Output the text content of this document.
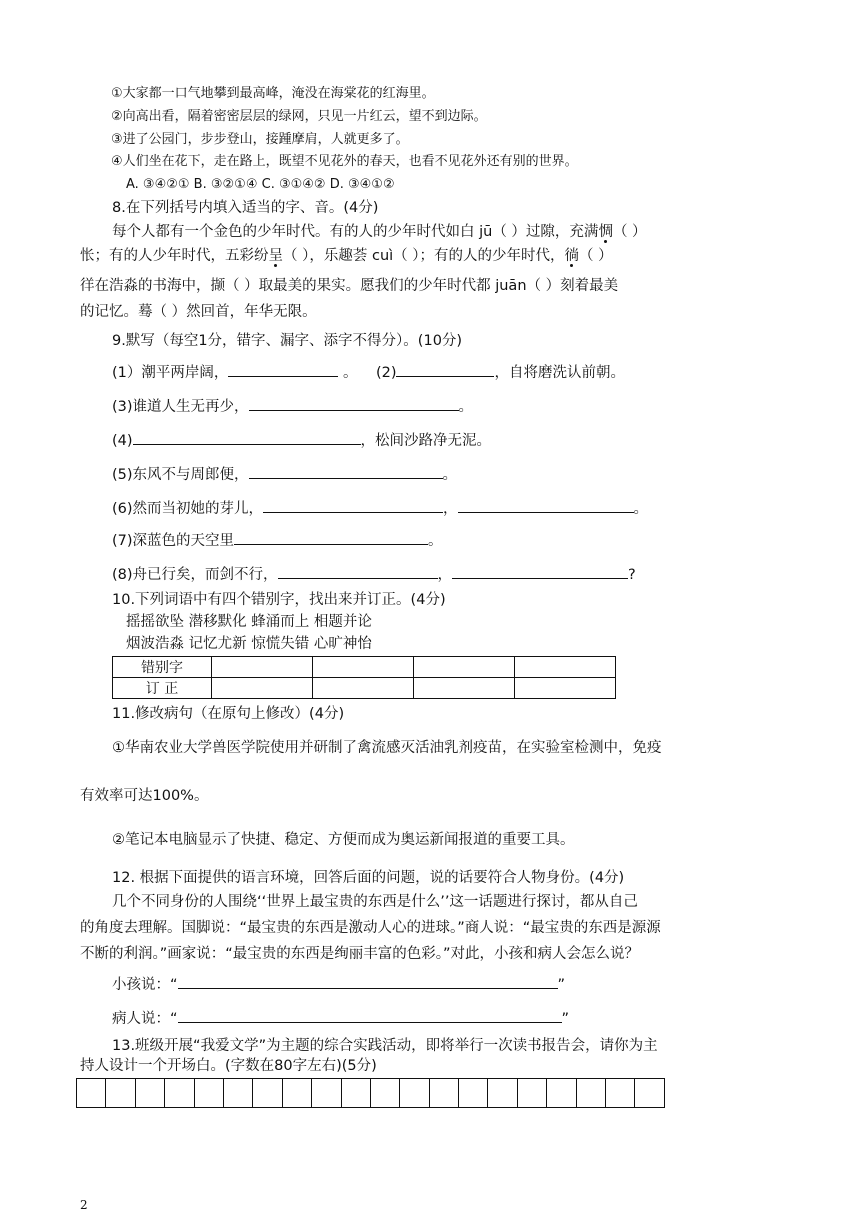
①大家都一口气地攀到最高峰，淹没在海棠花的红海里。
②向高出看，隔着密密层层的绿网，只见一片红云，望不到边际。
③进了公园门，步步登山，接踵摩肩，人就更多了。
④人们坐在花下，走在路上，既望不见花外的春天，也看不见花外还有别的世界。
A. ③④②① B. ③②①④ C. ③①④② D. ③④①②
8.在下列括号内填入适当的字、音。(4分)
每个人都有一个金色的少年时代。有的人的少年时代如白 jū（ ）过隙，充满惆（ ）
怅；有的人少年时代，五彩纷呈（ ），乐趣荟 cuì（ ）；有的人的少年时代，徜（ ）
徉在浩淼的书海中，撷（ ）取最美的果实。愿我们的少年时代都 juān（ ）刻着最美
的记忆。蓦（ ）然回首，年华无限。
9.默写（每空1分，错字、漏字、添字不得分）。(10分)
(1）潮平两岸阔，	。 (2)	，自将磨洗认前朝。
(3)谁道人生无再少，	。
(4)	，松间沙路净无泥。
(5)东风不与周郎便，	。
(6)然而当初她的芽儿，	，	。
(7)深蓝色的天空里	。
(8)舟已行矣，而剑不行，	，	?
10.下列词语中有四个错别字，找出来并订正。(4分)
摇摇欲坠 潜移默化 蜂涌而上 相题并论
烟波浩淼 记忆尤新 惊慌失错 心旷神怡
错别字				
订 正				
11.修改病句（在原句上修改）(4分)
①华南农业大学兽医学院使用并研制了禽流感灭活油乳剂疫苗，在实验室检测中，免疫
有效率可达100%。
②笔记本电脑显示了快捷、稳定、方便而成为奥运新闻报道的重要工具。
12. 根据下面提供的语言环境，回答后面的问题，说的话要符合人物身份。(4分)
几个不同身份的人围绕‘‘世界上最宝贵的东西是什么’’这一话题进行探讨，都从自己
的角度去理解。国脚说：“最宝贵的东西是激动人心的进球。”商人说：“最宝贵的东西是源源
不断的利润。”画家说：“最宝贵的东西是绚丽丰富的色彩。”对此，小孩和病人会怎么说？
小孩说：“	”
病人说：“	”
13.班级开展“我爱文学”为主题的综合实践活动，即将举行一次读书报告会，请你为主
持人设计一个开场白。(字数在80字左右)(5分)
2
